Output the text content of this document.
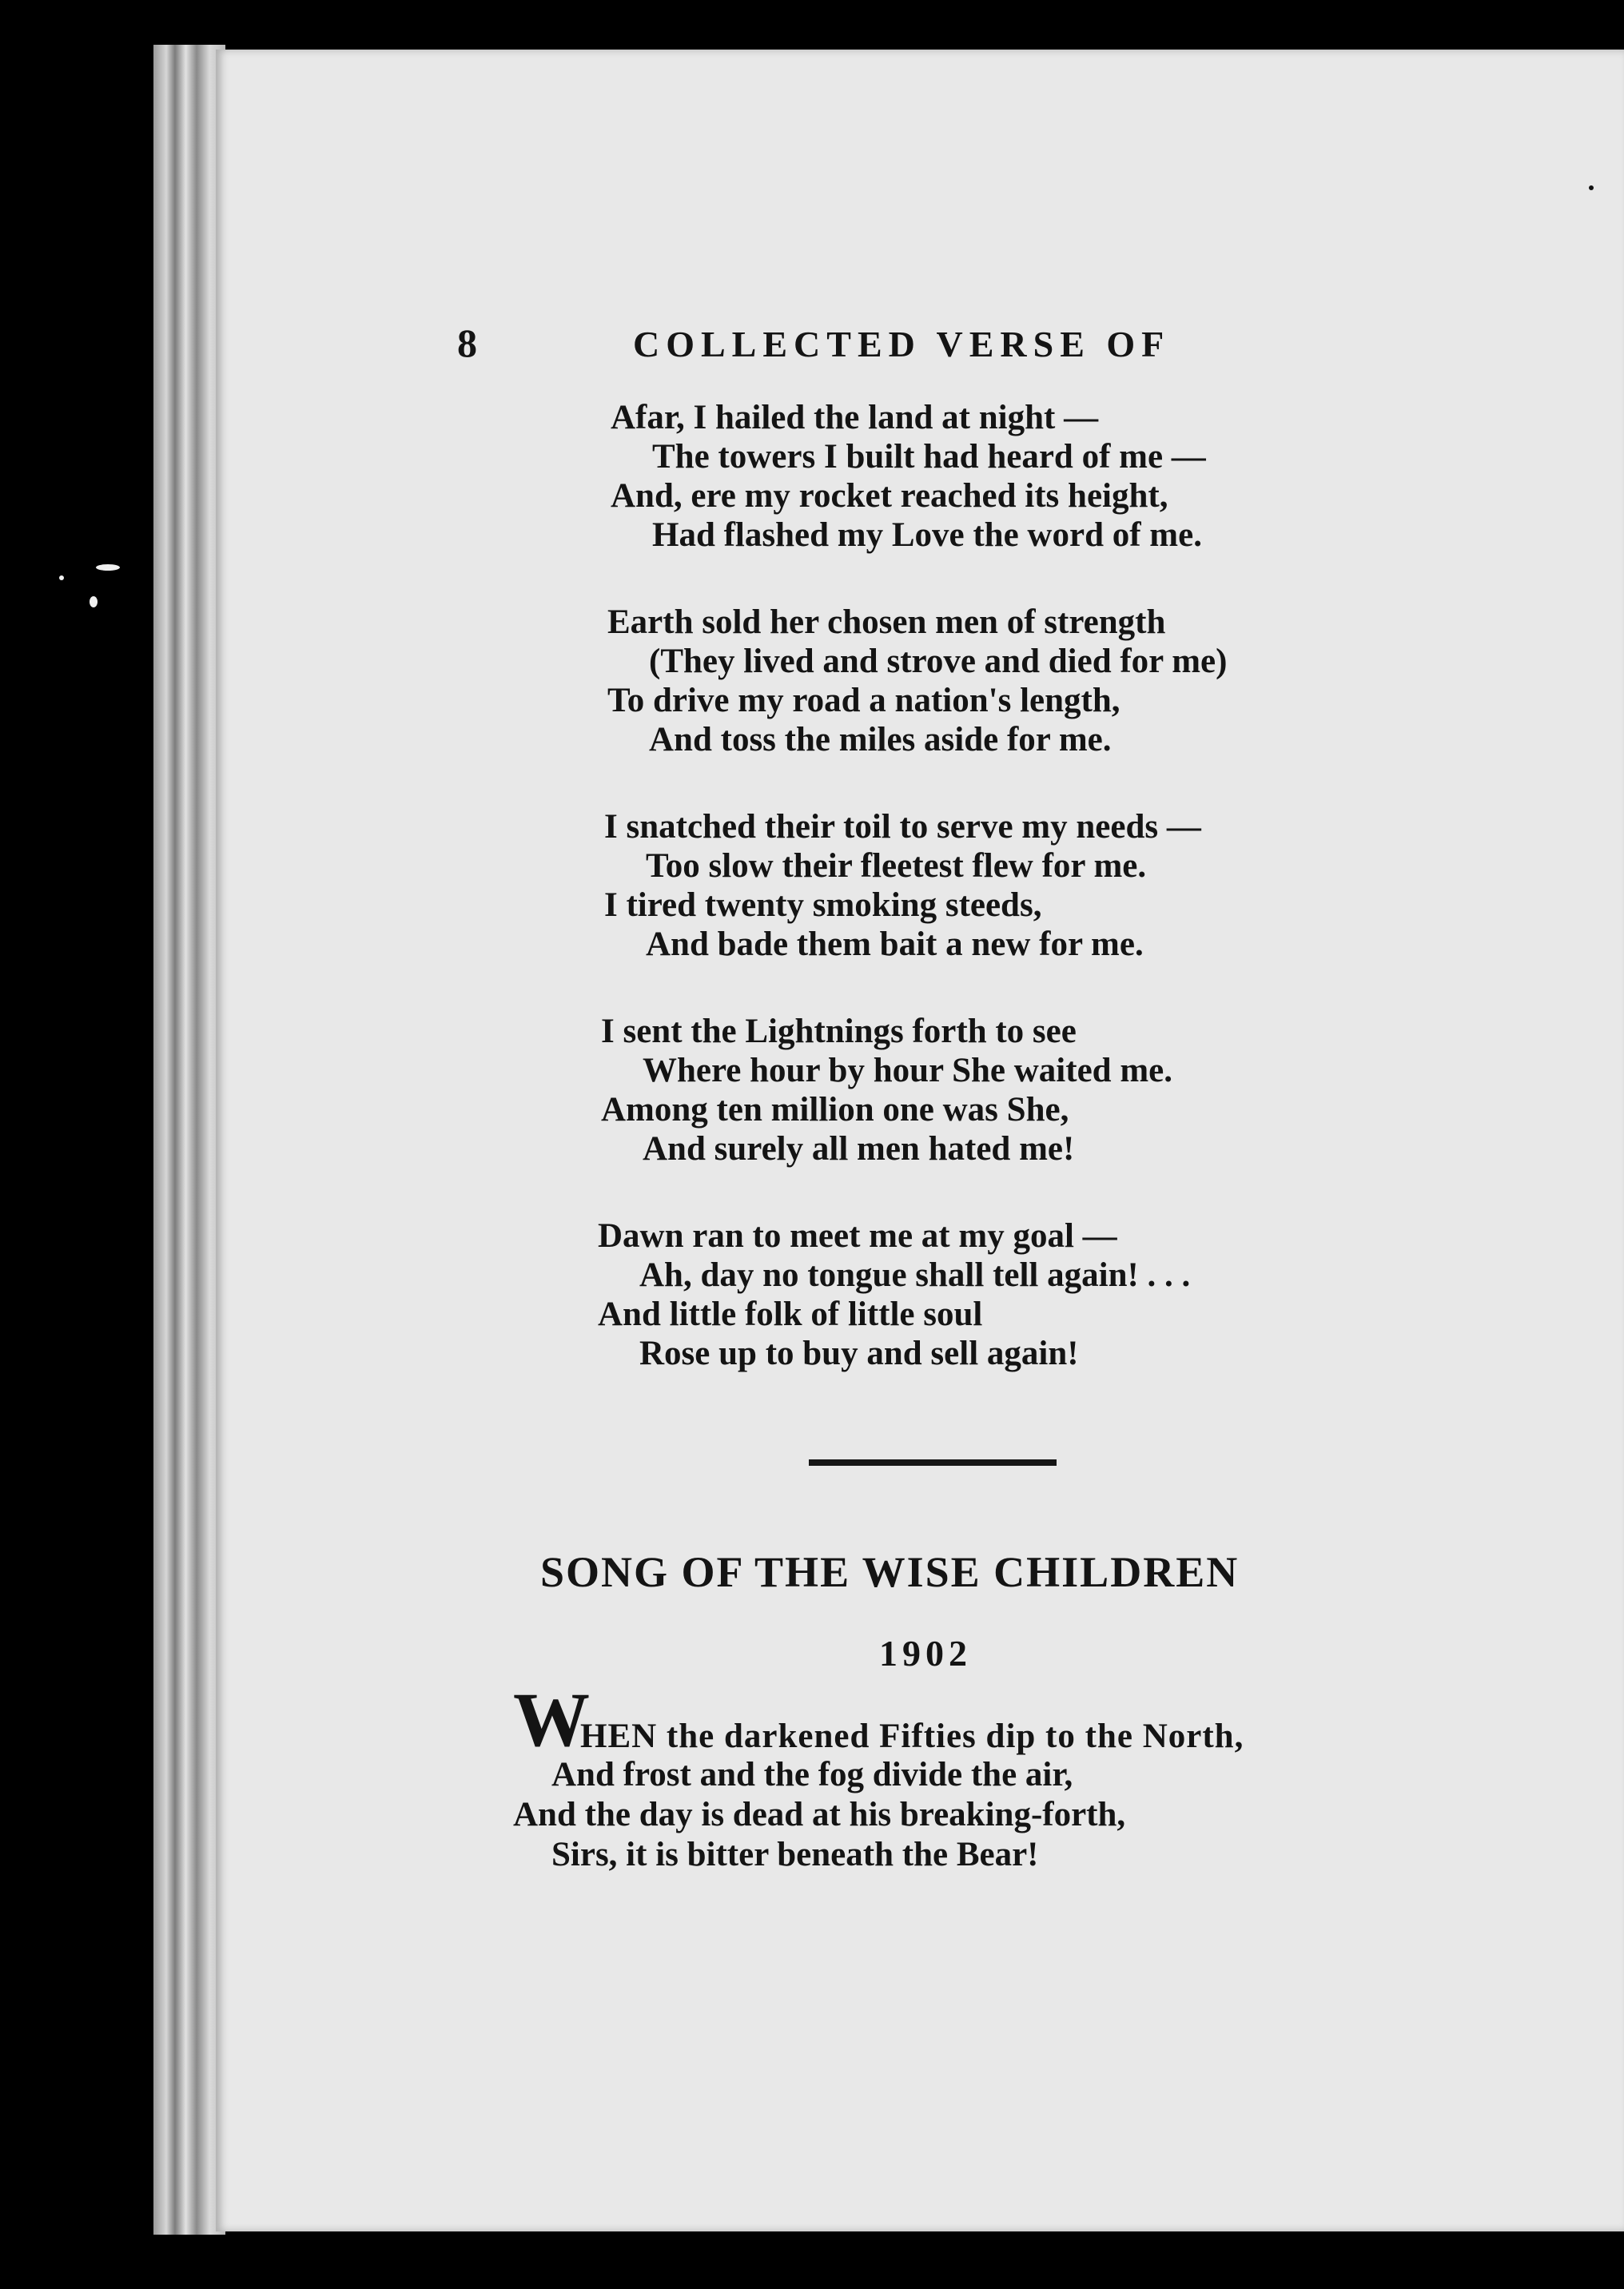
8	COLLECTED VERSE OF
Afar, I hailed the land at night —
The towers I built had heard of me —
And, ere my rocket reached its height,
Had flashed my Love the word of me.
Earth sold her chosen men of strength
(They lived and strove and died for me)
To drive my road a nation's length,
And toss the miles aside for me.
I snatched their toil to serve my needs —
Too slow their fleetest flew for me.
I tired twenty smoking steeds,
And bade them bait a new for me.
I sent the Lightnings forth to see
Where hour by hour She waited me.
Among ten million one was She,
And surely all men hated me!
Dawn ran to meet me at my goal —
Ah, day no tongue shall tell again! . . .
And little folk of little soul
Rose up to buy and sell again!
SONG OF THE WISE CHILDREN
1902
W
HEN the darkened Fifties dip to the North,
And frost and the fog divide the air,
And the day is dead at his breaking-forth,
Sirs, it is bitter beneath the Bear!
